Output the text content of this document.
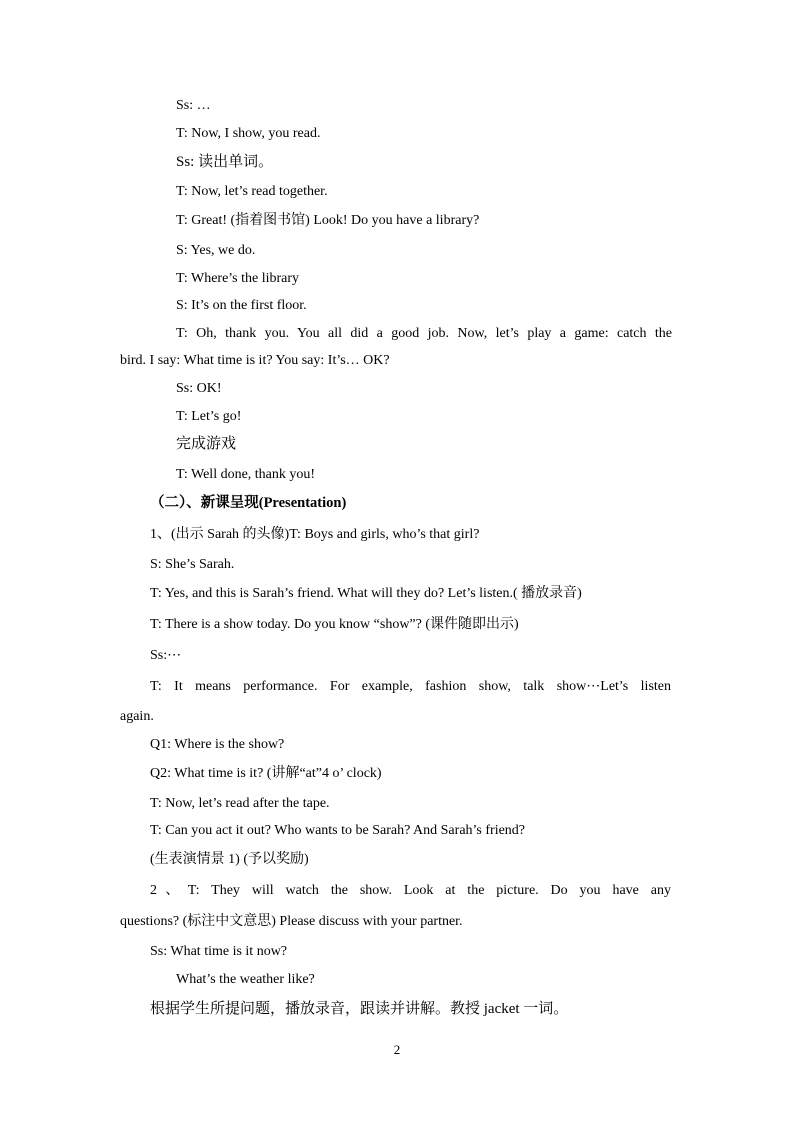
Ss: …
T: Now, I show, you read.
Ss: 读出单词。
T: Now, let’s read together.
T: Great! (指着图书馆) Look! Do you have a library?
S: Yes, we do.
T: Where’s the library
S: It’s on the first floor.
T: Oh, thank you. You all did a good job. Now, let’s play a game: catch the
bird. I say: What time is it? You say: It’s… OK?
Ss: OK!
T: Let’s go!
完成游戏
T: Well done, thank you!
（二）、新课呈现(Presentation)
1、(出示 Sarah 的头像)T: Boys and girls, who’s that girl?
S: She’s Sarah.
T: Yes, and this is Sarah’s friend. What will they do? Let’s listen.( 播放录音)
T: There is a show today. Do you know “show”? (课件随即出示)
Ss:⋯
T: It means performance. For example, fashion show, talk show⋯Let’s listen
again.
Q1: Where is the show?
Q2: What time is it? (讲解“at”4 o’ clock)
T: Now, let’s read after the tape.
T: Can you act it out? Who wants to be Sarah? And Sarah’s friend?
(生表演情景 1) (予以奖励)
2、T: They will watch the show. Look at the picture. Do you have any
questions? (标注中文意思) Please discuss with your partner.
Ss: What time is it now?
What’s the weather like?
根据学生所提问题，播放录音，跟读并讲解。教授 jacket 一词。
2
